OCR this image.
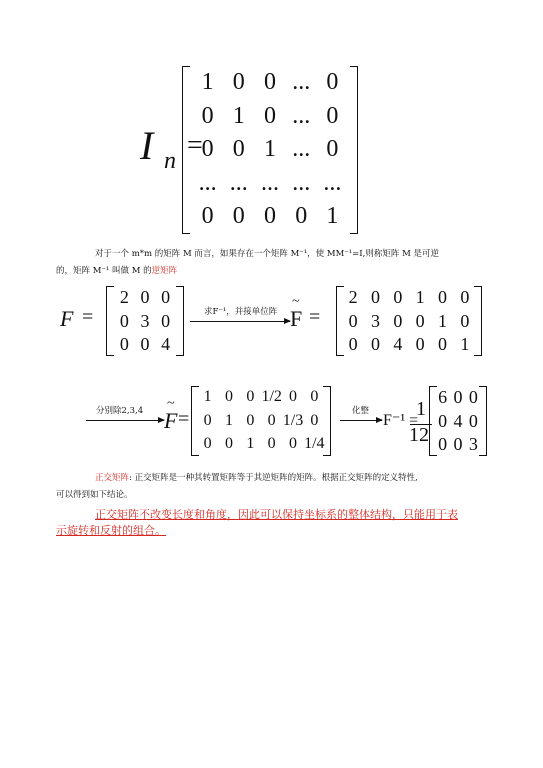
I n =
1 0 0 ... 0
0 1 0 ... 0
0 0 1 ... 0
... ... ... ... ...
0 0 0 0 1
对于一个 m*m 的矩阵 M 而言，如果存在一个矩阵 M⁻¹，使 MM⁻¹=I,则称矩阵 M 是可逆
的，矩阵 M⁻¹ 叫做 M 的逆矩阵
F =
2 0 0
0 3 0
0 0 4
求F⁻¹，并接单位阵
~
F =
2 0 0 1 0 0
0 3 0 0 1 0
0 0 4 0 0 1
分别除2,3,4 ~
F =
1 0 0 1/2 0 0
0 1 0 0 1/3 0
0 0 1 0 0 1/4
化整
F⁻¹ =
1
12
6 0 0
0 4 0
0 0 3
正交矩阵: 正交矩阵是一种其转置矩阵等于其逆矩阵的矩阵。根据正交矩阵的定义特性,
可以得到如下结论。
正交矩阵不改变长度和角度，因此可以保持坐标系的整体结构，只能用于表
示旋转和反射的组合。
